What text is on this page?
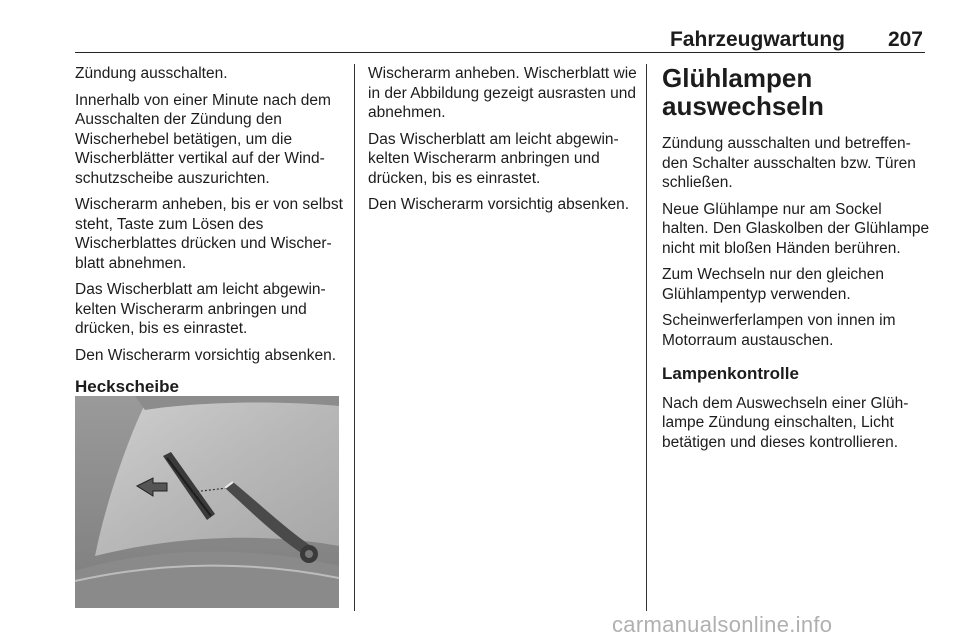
Fahrzeugwartung 207

Zündung ausschalten.

Innerhalb von einer Minute nach dem Ausschalten der Zündung den Wischerhebel betätigen, um die Wischerblätter vertikal auf der Windschutzscheibe auszurichten.

Wischerarm anheben, bis er von selbst steht, Taste zum Lösen des Wischerblattes drücken und Wischerblatt abnehmen.

Das Wischerblatt am leicht abgewinkelten Wischerarm anbringen und drücken, bis es einrastet.

Den Wischerarm vorsichtig absenken.

Heckscheibe

Wischerarm anheben. Wischerblatt wie in der Abbildung gezeigt ausrasten und abnehmen.

Das Wischerblatt am leicht abgewinkelten Wischerarm anbringen und drücken, bis es einrastet.

Den Wischerarm vorsichtig absenken.

Glühlampen auswechseln

Zündung ausschalten und betreffenden Schalter ausschalten bzw. Türen schließen.

Neue Glühlampe nur am Sockel halten. Den Glaskolben der Glühlampe nicht mit bloßen Händen berühren.

Zum Wechseln nur den gleichen Glühlampentyp verwenden.

Scheinwerferlampen von innen im Motorraum austauschen.

Lampenkontrolle

Nach dem Auswechseln einer Glühlampe Zündung einschalten, Licht betätigen und dieses kontrollieren.

carmanualsonline.info
